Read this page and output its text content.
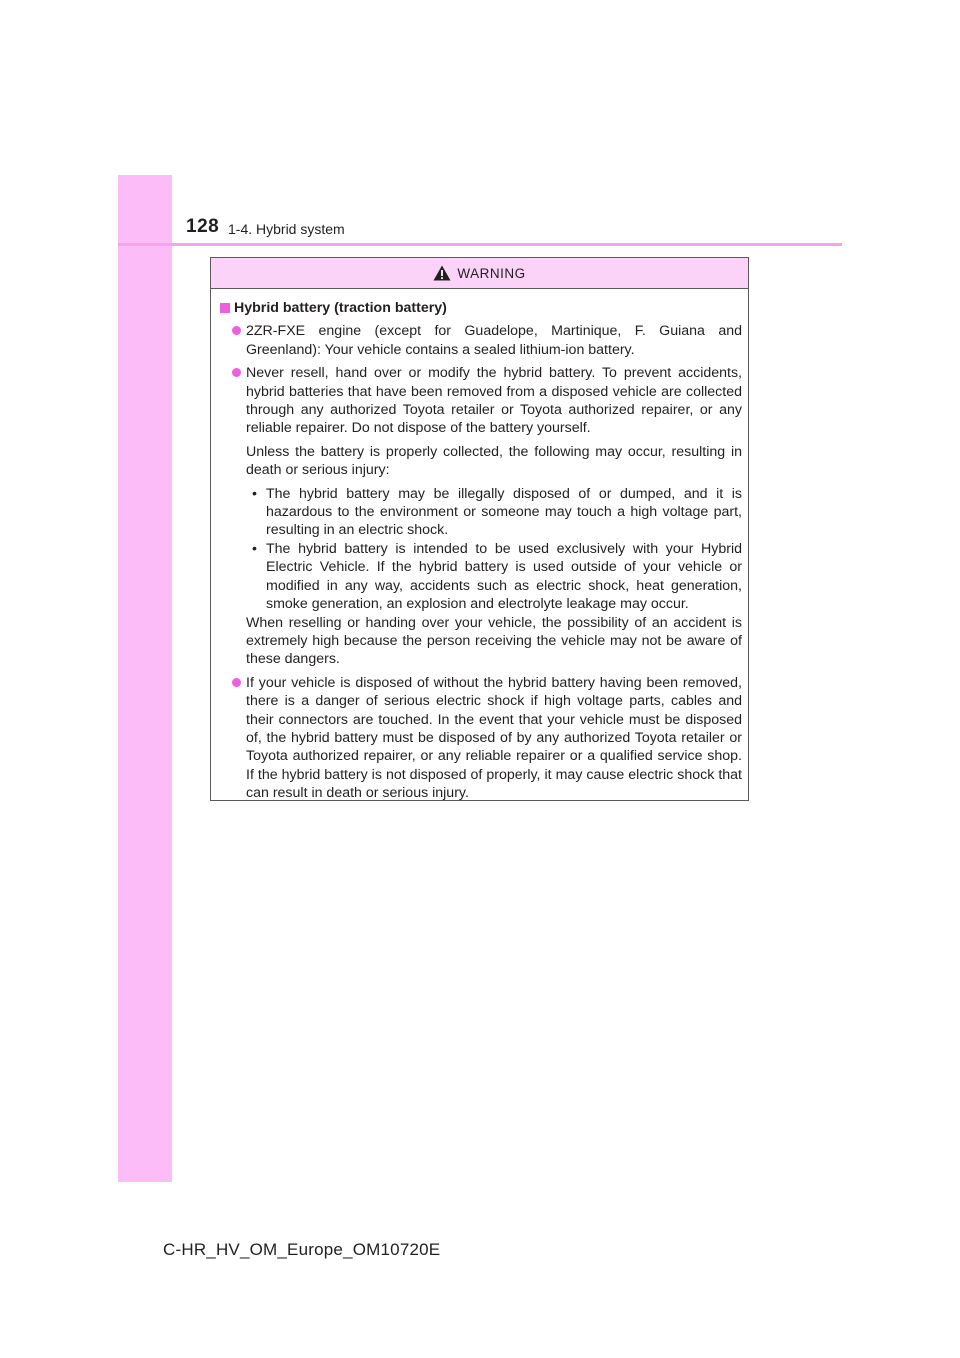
128 1-4. Hybrid system
WARNING
Hybrid battery (traction battery)
2ZR-FXE engine (except for Guadelope, Martinique, F. Guiana and Greenland): Your vehicle contains a sealed lithium-ion battery.
Never resell, hand over or modify the hybrid battery. To prevent accidents, hybrid batteries that have been removed from a disposed vehicle are collected through any authorized Toyota retailer or Toyota authorized repairer, or any reliable repairer. Do not dispose of the battery yourself.
Unless the battery is properly collected, the following may occur, resulting in death or serious injury:
• The hybrid battery may be illegally disposed of or dumped, and it is hazardous to the environment or someone may touch a high voltage part, resulting in an electric shock.
• The hybrid battery is intended to be used exclusively with your Hybrid Electric Vehicle. If the hybrid battery is used outside of your vehicle or modified in any way, accidents such as electric shock, heat generation, smoke generation, an explosion and electrolyte leakage may occur.
When reselling or handing over your vehicle, the possibility of an accident is extremely high because the person receiving the vehicle may not be aware of these dangers.
If your vehicle is disposed of without the hybrid battery having been removed, there is a danger of serious electric shock if high voltage parts, cables and their connectors are touched. In the event that your vehicle must be disposed of, the hybrid battery must be disposed of by any authorized Toyota retailer or Toyota authorized repairer, or any reliable repairer or a qualified service shop. If the hybrid battery is not disposed of properly, it may cause electric shock that can result in death or serious injury.
C-HR_HV_OM_Europe_OM10720E
